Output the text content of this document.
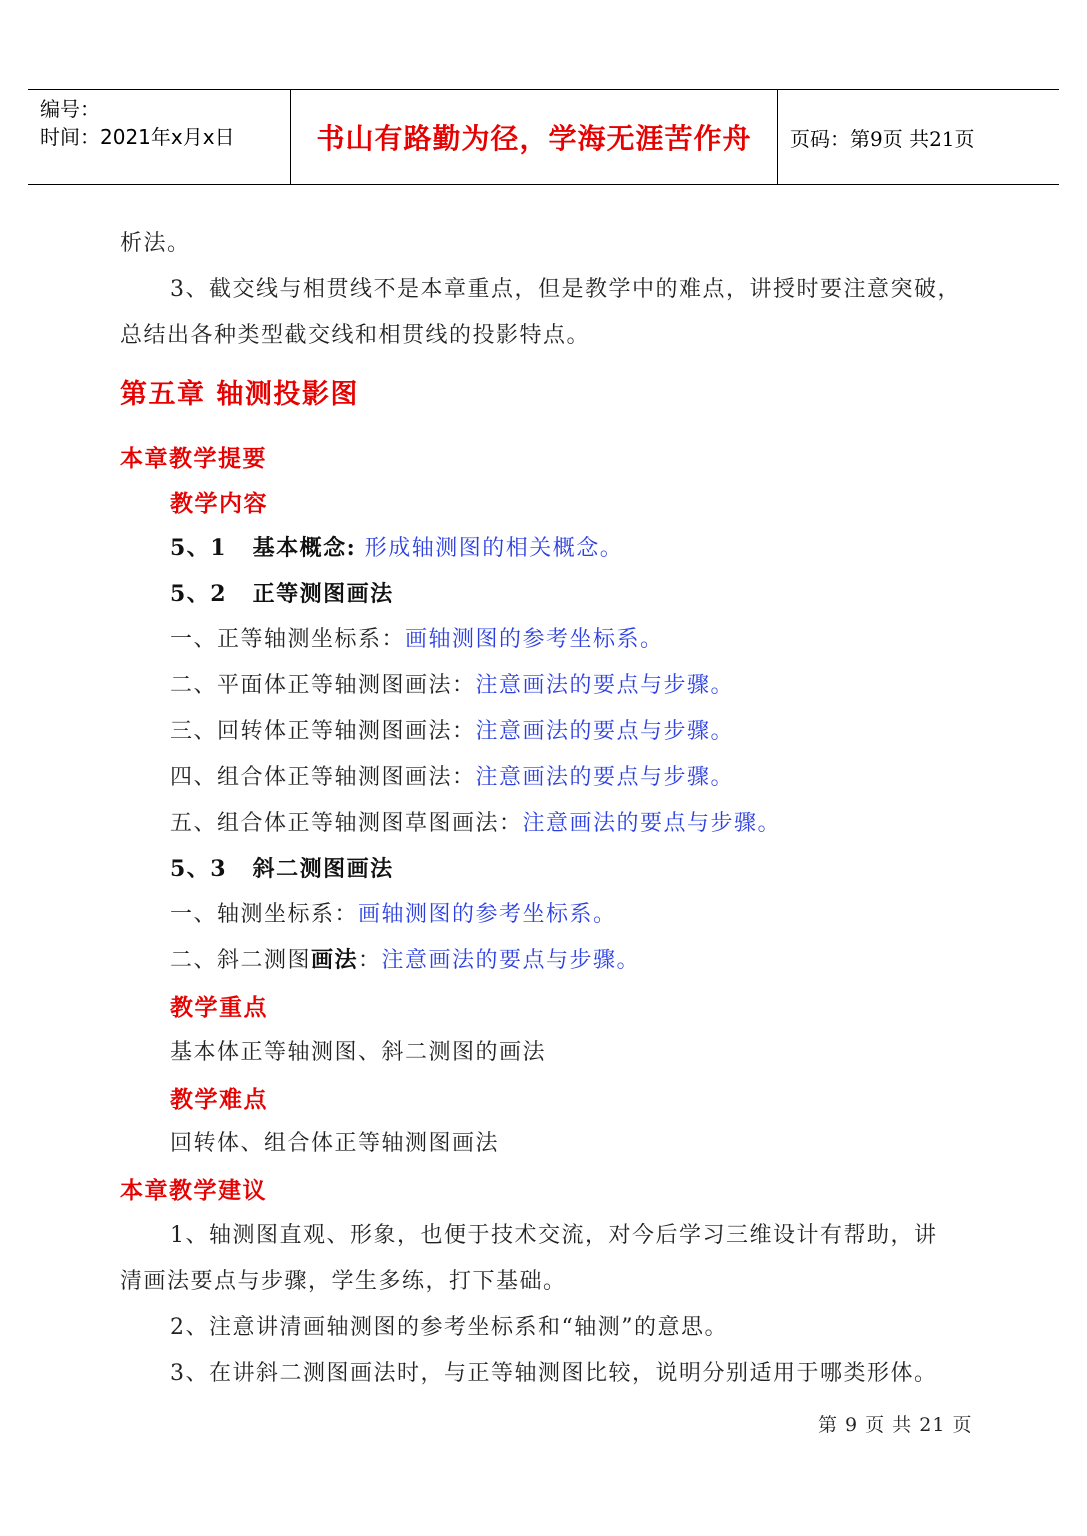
编号：
时间：2021年x月x日	书山有路勤为径，学海无涯苦作舟 页码：第9页 共21页
析法。
3、截交线与相贯线不是本章重点，但是教学中的难点，讲授时要注意突破，
总结出各种类型截交线和相贯线的投影特点。
第五章 轴测投影图
本章教学提要
教学内容
5、1 基本概念: 形成轴测图的相关概念。
5、2 正等测图画法
一、正等轴测坐标系：画轴测图的参考坐标系。
二、平面体正等轴测图画法：注意画法的要点与步骤。
三、回转体正等轴测图画法：注意画法的要点与步骤。
四、组合体正等轴测图画法：注意画法的要点与步骤。
五、组合体正等轴测图草图画法：注意画法的要点与步骤。
5、3 斜二测图画法
一、轴测坐标系：画轴测图的参考坐标系。
二、斜二测图画法：注意画法的要点与步骤。
教学重点
基本体正等轴测图、斜二测图的画法
教学难点
回转体、组合体正等轴测图画法
本章教学建议
1、轴测图直观、形象，也便于技术交流，对今后学习三维设计有帮助，讲
清画法要点与步骤，学生多练，打下基础。
2、注意讲清画轴测图的参考坐标系和“轴测”的意思。
3、在讲斜二测图画法时，与正等轴测图比较，说明分别适用于哪类形体。
第 9 页 共 21 页
